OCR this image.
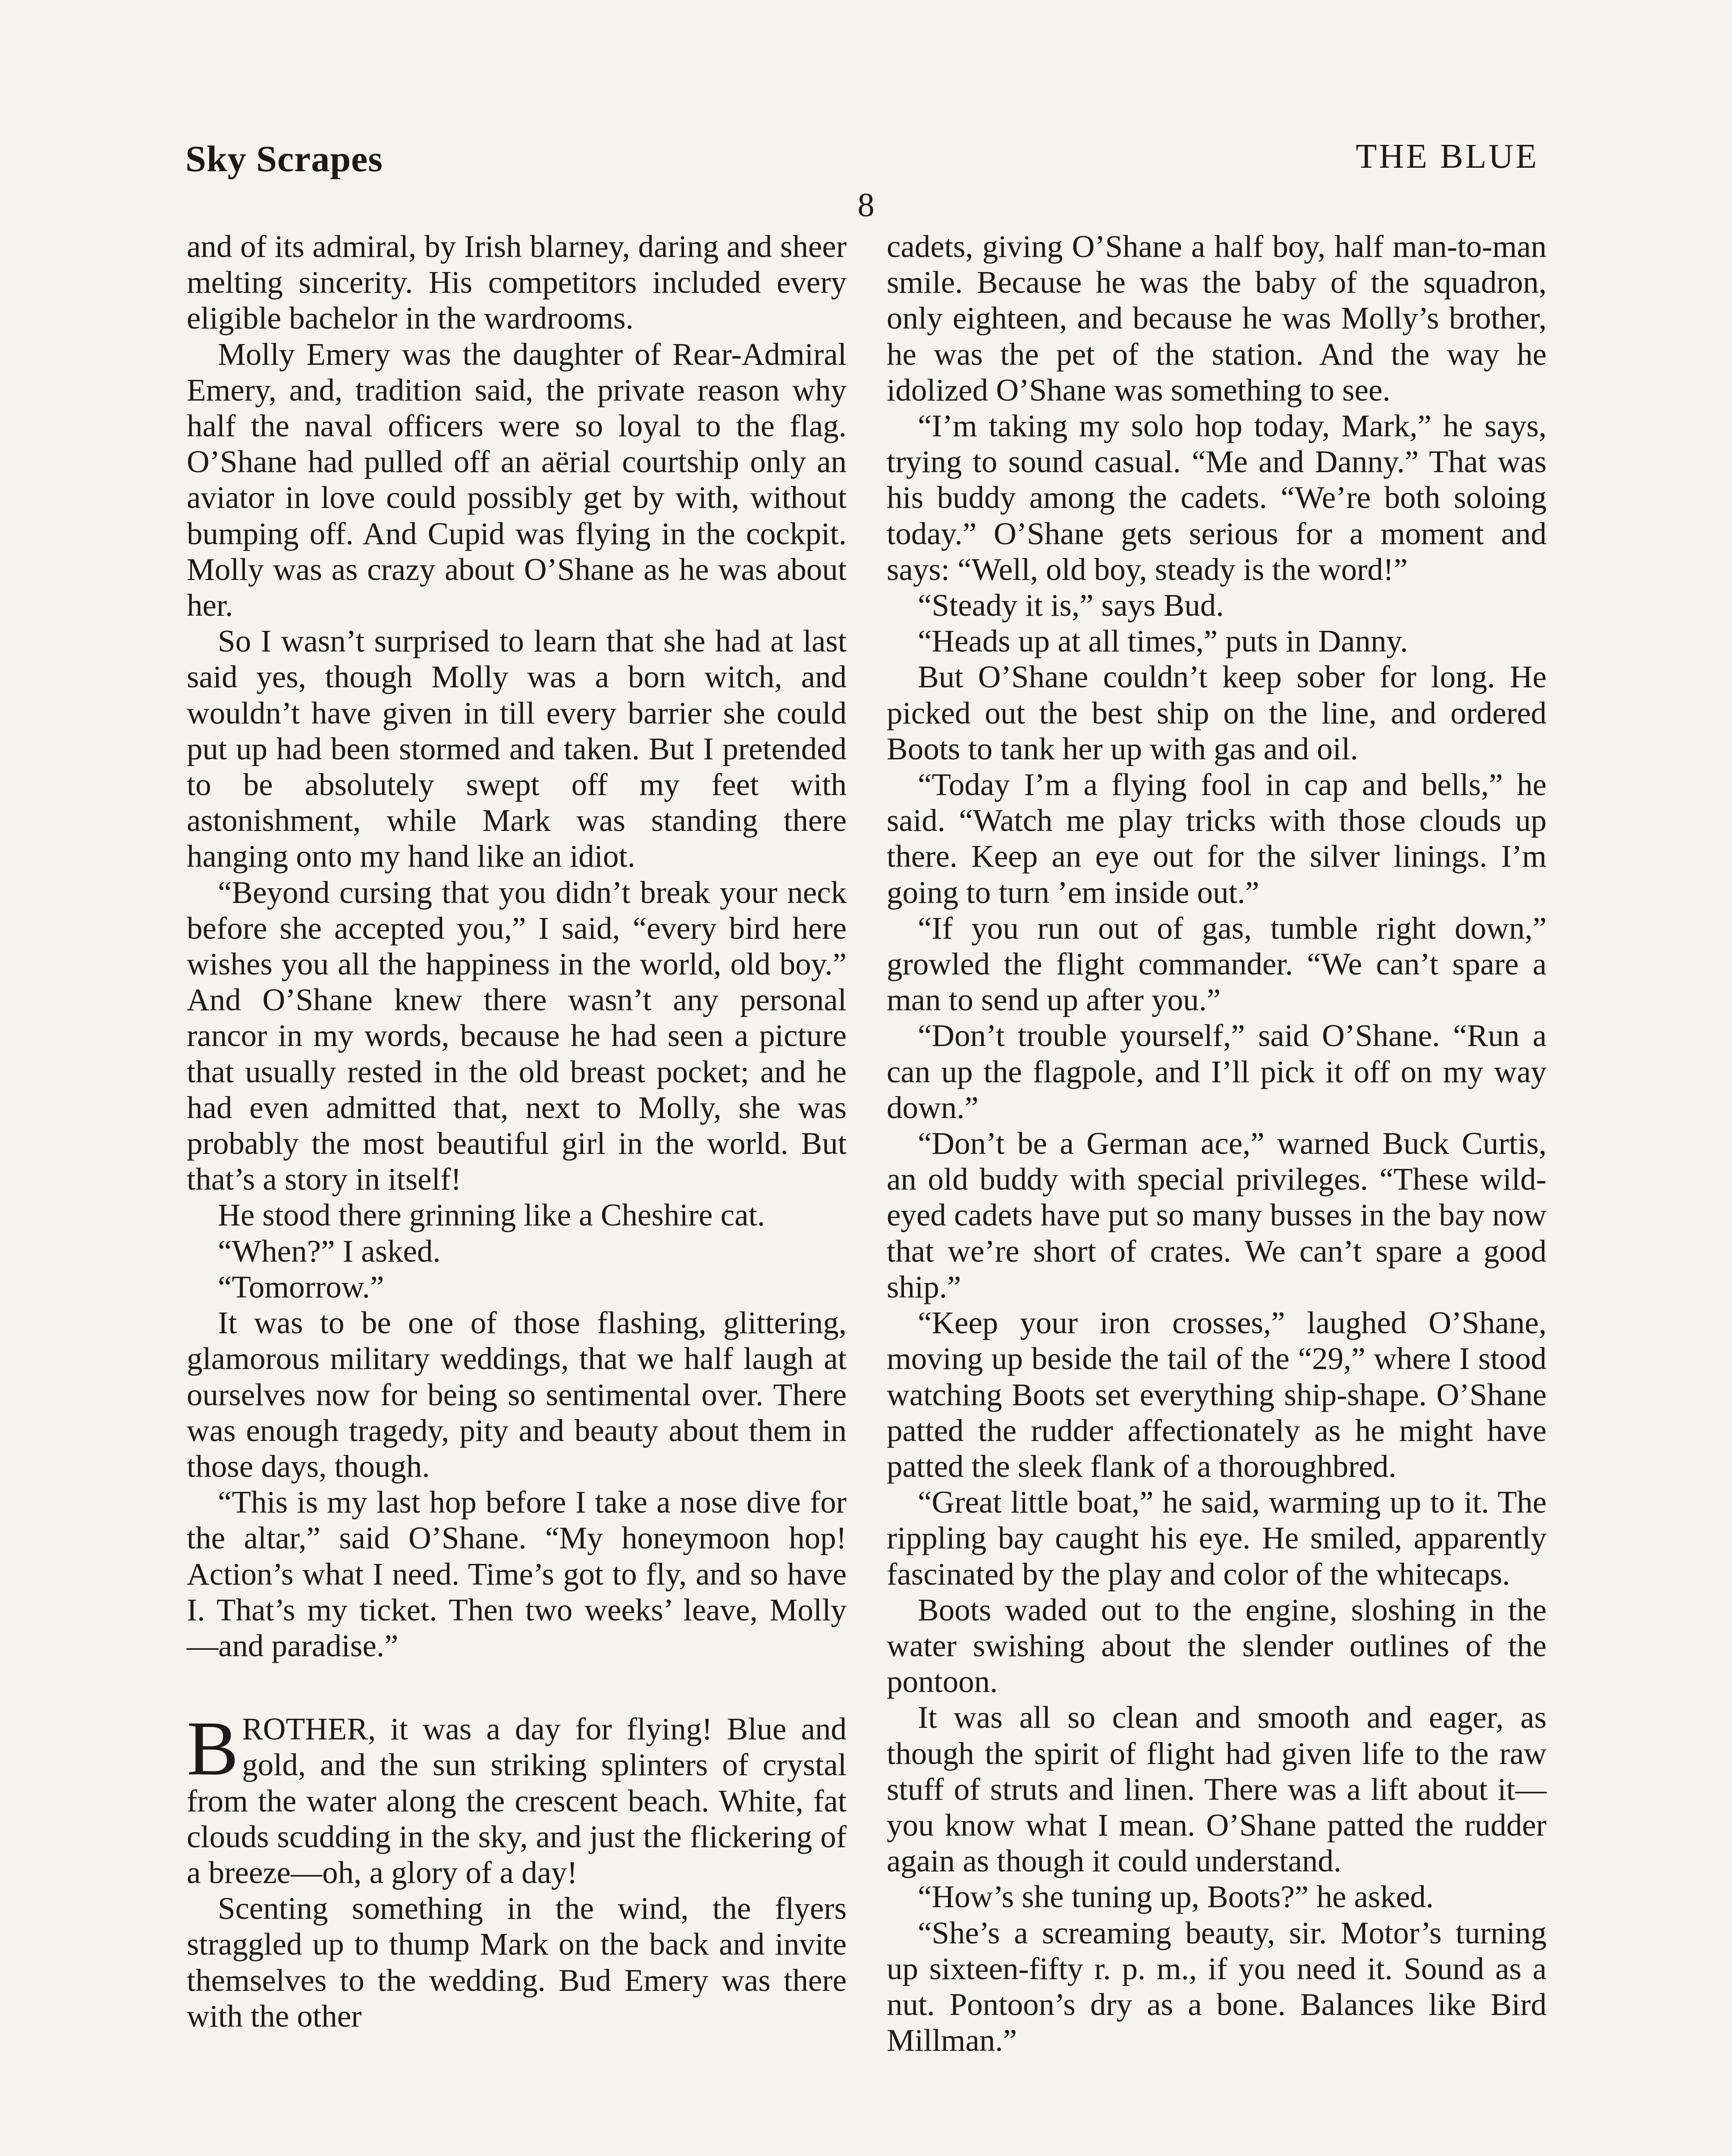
Sky Scrapes	THE BLUE
8

and of its admiral, by Irish blarney, daring and sheer melting sincerity. His competitors included every eligible bachelor in the wardrooms.

Molly Emery was the daughter of Rear-Admiral Emery, and, tradition said, the private reason why half the naval officers were so loyal to the flag. O’Shane had pulled off an aërial courtship only an aviator in love could possibly get by with, without bumping off. And Cupid was flying in the cockpit. Molly was as crazy about O’Shane as he was about her.

So I wasn’t surprised to learn that she had at last said yes, though Molly was a born witch, and wouldn’t have given in till every barrier she could put up had been stormed and taken. But I pretended to be absolutely swept off my feet with astonishment, while Mark was standing there hanging onto my hand like an idiot.

“Beyond cursing that you didn’t break your neck before she accepted you,” I said, “every bird here wishes you all the happiness in the world, old boy.” And O’Shane knew there wasn’t any personal rancor in my words, because he had seen a picture that usually rested in the old breast pocket; and he had even admitted that, next to Molly, she was probably the most beautiful girl in the world. But that’s a story in itself!

He stood there grinning like a Cheshire cat.

“When?” I asked.

“Tomorrow.”

It was to be one of those flashing, glittering, glamorous military weddings, that we half laugh at ourselves now for being so sentimental over. There was enough tragedy, pity and beauty about them in those days, though.

“This is my last hop before I take a nose dive for the altar,” said O’Shane. “My honeymoon hop! Action’s what I need. Time’s got to fly, and so have I. That’s my ticket. Then two weeks’ leave, Molly —and paradise.”

BROTHER, it was a day for flying! Blue and gold, and the sun striking splinters of crystal from the water along the crescent beach. White, fat clouds scudding in the sky, and just the flickering of a breeze—oh, a glory of a day!

Scenting something in the wind, the flyers straggled up to thump Mark on the back and invite themselves to the wedding. Bud Emery was there with the other

cadets, giving O’Shane a half boy, half man-to-man smile. Because he was the baby of the squadron, only eighteen, and because he was Molly’s brother, he was the pet of the station. And the way he idolized O’Shane was something to see.

“I’m taking my solo hop today, Mark,” he says, trying to sound casual. “Me and Danny.” That was his buddy among the cadets. “We’re both soloing today.” O’Shane gets serious for a moment and says: “Well, old boy, steady is the word!”

“Steady it is,” says Bud.

“Heads up at all times,” puts in Danny.

But O’Shane couldn’t keep sober for long. He picked out the best ship on the line, and ordered Boots to tank her up with gas and oil.

“Today I’m a flying fool in cap and bells,” he said. “Watch me play tricks with those clouds up there. Keep an eye out for the silver linings. I’m going to turn ’em inside out.”

“If you run out of gas, tumble right down,” growled the flight commander. “We can’t spare a man to send up after you.”

“Don’t trouble yourself,” said O’Shane. “Run a can up the flagpole, and I’ll pick it off on my way down.”

“Don’t be a German ace,” warned Buck Curtis, an old buddy with special privileges. “These wild-eyed cadets have put so many busses in the bay now that we’re short of crates. We can’t spare a good ship.”

“Keep your iron crosses,” laughed O’Shane, moving up beside the tail of the “29,” where I stood watching Boots set everything ship-shape. O’Shane patted the rudder affectionately as he might have patted the sleek flank of a thoroughbred.

“Great little boat,” he said, warming up to it. The rippling bay caught his eye. He smiled, apparently fascinated by the play and color of the whitecaps.

Boots waded out to the engine, sloshing in the water swishing about the slender outlines of the pontoon.

It was all so clean and smooth and eager, as though the spirit of flight had given life to the raw stuff of struts and linen. There was a lift about it—you know what I mean. O’Shane patted the rudder again as though it could understand.

“How’s she tuning up, Boots?” he asked.

“She’s a screaming beauty, sir. Motor’s turning up sixteen-fifty r. p. m., if you need it. Sound as a nut. Pontoon’s dry as a bone. Balances like Bird Millman.”
